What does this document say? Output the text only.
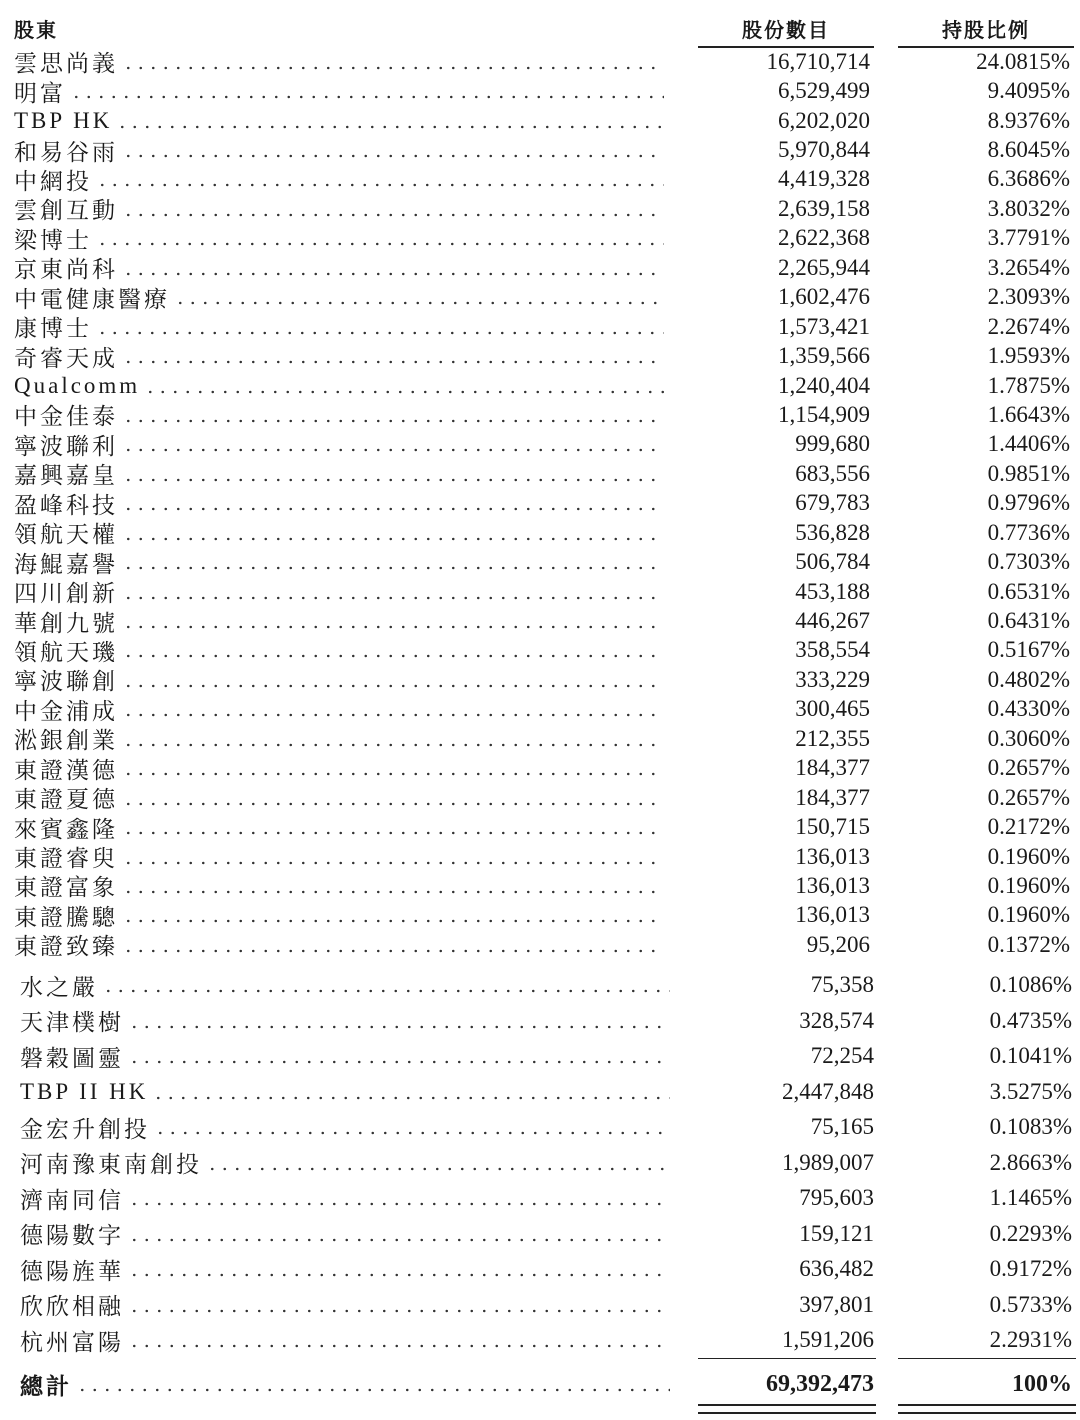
股東	股份數目	持股比例
雲思尚義	16,710,714	24.0815%
明富	6,529,499	9.4095%
TBP HK	6,202,020	8.9376%
和易谷雨	5,970,844	8.6045%
中網投	4,419,328	6.3686%
雲創互動	2,639,158	3.8032%
梁博士	2,622,368	3.7791%
京東尚科	2,265,944	3.2654%
中電健康醫療	1,602,476	2.3093%
康博士	1,573,421	2.2674%
奇睿天成	1,359,566	1.9593%
Qualcomm	1,240,404	1.7875%
中金佳泰	1,154,909	1.6643%
寧波聯利	999,680	1.4406%
嘉興嘉皇	683,556	0.9851%
盈峰科技	679,783	0.9796%
領航天權	536,828	0.7736%
海鯤嘉譽	506,784	0.7303%
四川創新	453,188	0.6531%
華創九號	446,267	0.6431%
領航天璣	358,554	0.5167%
寧波聯創	333,229	0.4802%
中金浦成	300,465	0.4330%
淞銀創業	212,355	0.3060%
東證漢德	184,377	0.2657%
東證夏德	184,377	0.2657%
來賓鑫隆	150,715	0.2172%
東證睿臾	136,013	0.1960%
東證富象	136,013	0.1960%
東證騰驄	136,013	0.1960%
東證致臻	95,206	0.1372%
水之嚴	75,358	0.1086%
天津樸樹	328,574	0.4735%
磐穀圖靈	72,254	0.1041%
TBP II HK	2,447,848	3.5275%
金宏升創投	75,165	0.1083%
河南豫東南創投	1,989,007	2.8663%
濟南同信	795,603	1.1465%
德陽數字	159,121	0.2293%
德陽旌華	636,482	0.9172%
欣欣相融	397,801	0.5733%
杭州富陽	1,591,206	2.2931%
總計	69,392,473	100%
